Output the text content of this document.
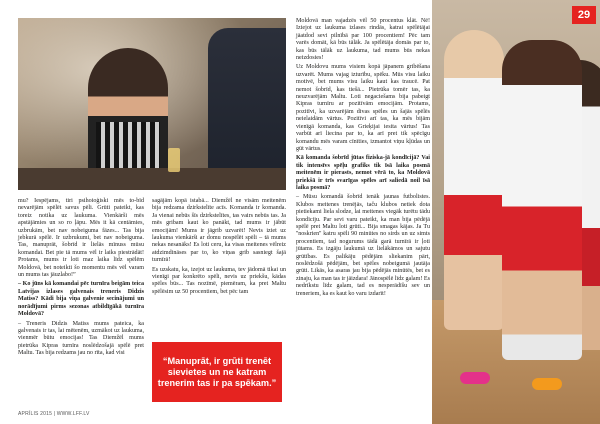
29

mu? Iespējams, tiri psihoioģiski mēs to-bīd nevarējām spēlēt savus pēli. Grūti pateikt, kas toreiz notika uz laukuma. Vienkārši mēs apstājāmies un so ro ļāpu. Mēs it kā centāmies, uzbrukām, bet nav nobeiguma fāzes... Tas bija jebkurā spēlē. Ir uzbrukumi, bet nav nobeiguma. Tas, manuprāt, šobrīd ir lielās mīnuss mūsu komandai. Bet pie tā mums vēl ir laiks piestrādāt! Protams, mums ir loti maz laika līdz spēlēm Moldovā, bet noteikti šo momentu mēs vēl varam un mums tas jāuzlabo!”

– Ko jūns kā komandai pēc turnīra beigām teica Latvijas izlases galvenais treneris Didzis Matiss? Kādi bija viņa galvenie secinājumi un norādījumi pirms sezonas atbildīgākā turnīra Moldovā?

– Treneris Didzis Matiss mums pateica, ka galvenais ir tas, lai mētenēm, uzmākot uz laukuma, vienmēr būtu emocijas! Tas Diemžēl mums pietrūka Kipras turnīra noslēdzošajā spēlē pret Maltu. Tas bija redzams jau no rīta, kad visi

sagājām kopā istabā... Diemžēl ne visām meitenēm bija redzama dzirkstelīte acīs. Komanda ir komanda. Ja vienai nebūs šīs dzirkstelītes, tas vairs nebūs tas. Ja mēs gribam kaut ko panākt, tad mums ir jābūt emocijām! Mums ir jāgrib uzvarēt! Nevis iziet uz laukuma vienkārši ar domu nospēlēt spēli – tā mums nekas nesanāks! Es loti ceru, ka visas meitenes vēlreiz atdzimdināses par to, ko viņas grib sasniegt šajā turnīrā!

Es uzskatu, ka, izejot uz laukuma, tev jādomā tikai un vienīgi par konkrēto spēli, nevis uz priekšu, kādas spēles būs... Tas nozīmē, piemēram, ka pret Maltu spēlēsim uz 50 procentiem, bet pēc tam

“Manuprāt, ir grūti trenēt sievietes un ne katram trenerim tas ir pa spēkam.”

Moldovā man vajadzēs vēl 50 procentus klāt. Nē! Iziejot uz laukuma izlases rindās, katrai spēlētājai jāatdod sevi pilnībā par 100 procentiem! Pēc tam varēs domāt, kā būs tālāk. Ja spēlētāja domās par to, kas būs tālāk uz laukuma, tad mums būs nekas neizdosies!

Uz Moldovu mums visiem kopā jāpanem gribēšana uzvarēt. Mums vajag izturību, spēku. Mūs visu laiku motivē, bet mums visu laiku kaut kas traucē. Pat nemot šobrīd, kas tiešā... Pietrūka tomēr tas, ka neuzvarējām Maltu. Loti negaciešams bija pabeigt Kipras turnīru ar pozitīvām emocijām. Protams, pozitīvi, ka uzvarējām divas spēles un šajās spēlēs neielaidām vārtus. Pozitīvi arī tas, ka mēs bijām vienīgā komanda, kas Grieķijai iesita vārtus! Tas varbūt arī liecina par to, ka arī pret tik spēcīgu komandu mēs varam cīnīties, izmantot viņu kļūdas un gūt vārtus.

Kā komanda šobrīd jūtas fiziska-jā kondīcijā? Vai tik intensīvs spēļu grafiks tik īsā laika posmā meitenēm ir pierasts, nemot vērā to, ka Moldovā priekšā ir trīs svarīgas spēles arī saliedā noil īsā laika posmā?

– Mūsu komandā šobrīd ienāk jaunas futbolistes. Klubos meitenes trenējās, taču klubos netiek dota pietiekami liela slodze, lai meitenes viegāk turētu tādu kondīciju. Par sevi varu pateikt, ka man bija pēdējā spēlē pret Maltu loti grūti... Bija smagas kājas. Ja Tu ''noskrien'' katru spēli 90 minūtes no sirds un uz simts procentiem, tad nogurums tādā garā turnīrā ir ļoti jūtams. Es izgāju laukumā uz lielākāmos un sajutu grūtības. Es palikāju pēdējām sliekanim pārt, noslēdzošā pēdējām, bet spēles nobeigumā jautāja grūti. Likās, ka asaras jau bija pēdējās minūtēs, bet es zinaju, ka man tas ir jāizdara! Jānospēlē līdz galam! Es nedrīkstu līdz galam, tad es nesperādīšu sev un treneriem, ka es kaut ko varu izdarīt!

APRĪLIS 2015 | WWW.LFF.LV
